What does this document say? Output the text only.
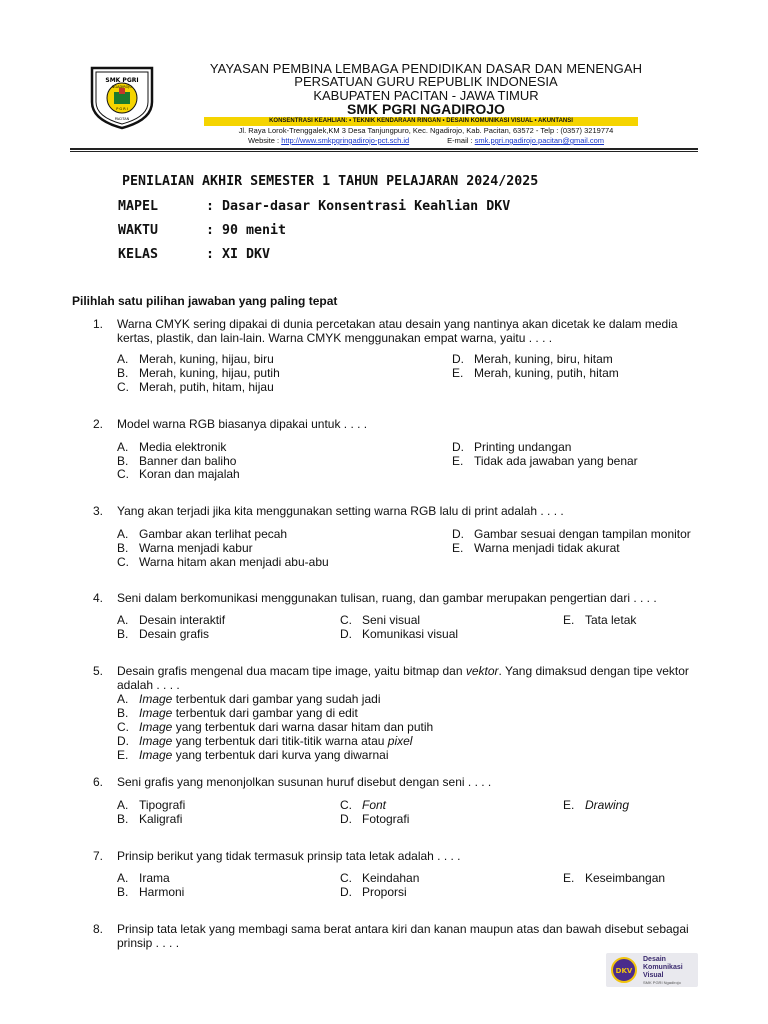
SMK PGRI
NGADIROJO
P G R I
PACITAN
YAYASAN PEMBINA LEMBAGA PENDIDIKAN DASAR DAN MENENGAH
PERSATUAN GURU REPUBLIK INDONESIA
KABUPATEN PACITAN - JAWA TIMUR
SMK PGRI NGADIROJO
KONSENTRASI KEAHLIAN: • TEKNIK KENDARAAN RINGAN • DESAIN KOMUNIKASI VISUAL • AKUNTANSI
Jl. Raya Lorok-Trenggalek,KM 3 Desa Tanjungpuro, Kec. Ngadirojo, Kab. Pacitan, 63572 - Telp : (0357) 3219774
Website : http://www.smkpgringadirojo-pct.sch.id	E-mail : smk.pgri.ngadirojo.pacitan@gmail.com
PENILAIAN AKHIR SEMESTER 1 TAHUN PELAJARAN 2024/2025
MAPEL	: Dasar-dasar Konsentrasi Keahlian DKV
WAKTU	: 90 menit
KELAS	: XI DKV
Pilihlah satu pilihan jawaban yang paling tepat
1.	Warna CMYK sering dipakai di dunia percetakan atau desain yang nantinya akan dicetak ke dalam media kertas, plastik, dan lain-lain. Warna CMYK menggunakan empat warna, yaitu . . . .
A. Merah, kuning, hijau, biru
B. Merah, kuning, hijau, putih
C. Merah, putih, hitam, hijau
D. Merah, kuning, biru, hitam
E. Merah, kuning, putih, hitam
2.	Model warna RGB biasanya dipakai untuk . . . .
A. Media elektronik
B. Banner dan baliho
C. Koran dan majalah
D. Printing undangan
E. Tidak ada jawaban yang benar
3.	Yang akan terjadi jika kita menggunakan setting warna RGB lalu di print adalah . . . .
A. Gambar akan terlihat pecah
B. Warna menjadi kabur
C. Warna hitam akan menjadi abu-abu
D. Gambar sesuai dengan tampilan monitor
E. Warna menjadi tidak akurat
4.	Seni dalam berkomunikasi menggunakan tulisan, ruang, dan gambar merupakan pengertian dari . . . .
A. Desain interaktif
B. Desain grafis
C. Seni visual
D. Komunikasi visual
E. Tata letak
5.	Desain grafis mengenal dua macam tipe image, yaitu bitmap dan vektor. Yang dimaksud dengan tipe vektor adalah . . . .
A. Image terbentuk dari gambar yang sudah jadi
B. Image terbentuk dari gambar yang di edit
C. Image yang terbentuk dari warna dasar hitam dan putih
D. Image yang terbentuk dari titik-titik warna atau pixel
E. Image yang terbentuk dari kurva yang diwarnai
6.	Seni grafis yang menonjolkan susunan huruf disebut dengan seni . . . .
A. Tipografi
B. Kaligrafi
C. Font
D. Fotografi
E. Drawing
7.	Prinsip berikut yang tidak termasuk prinsip tata letak adalah . . . .
A. Irama
B. Harmoni
C. Keindahan
D. Proporsi
E. Keseimbangan
8.	Prinsip tata letak yang membagi sama berat antara kiri dan kanan maupun atas dan bawah disebut sebagai prinsip . . . .
DKV
Desain
Komunikasi
Visual
SMK PGRI Ngadirojo
